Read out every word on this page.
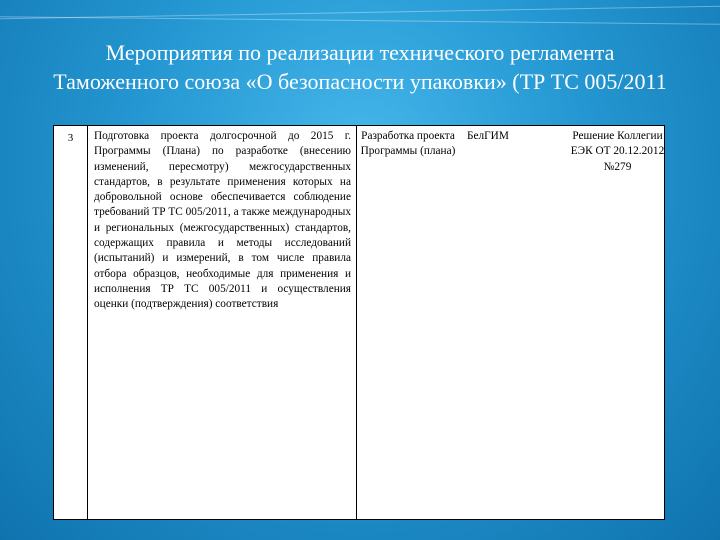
Мероприятия по реализации технического регламента Таможенного союза «О безопасности упаковки» (ТР ТС 005/2011
3	Подготовка проекта долгосрочной до 2015 г. Программы (Плана) по разработке (внесению изменений, пересмотру) межгосударственных стандартов, в результате применения которых на добровольной основе обеспечивается соблюдение требований ТР ТС 005/2011, а также международных и региональных (межгосударственных) стандартов, содержащих правила и методы исследований (испытаний) и измерений, в том числе правила отбора образцов, необходимые для применения и исполнения ТР ТС 005/2011 и осуществления оценки (подтверждения) соответствия
Разработка проекта Программы (плана)
БелГИМ	Решение Коллегии ЕЭК ОТ 20.12.2012 №279
